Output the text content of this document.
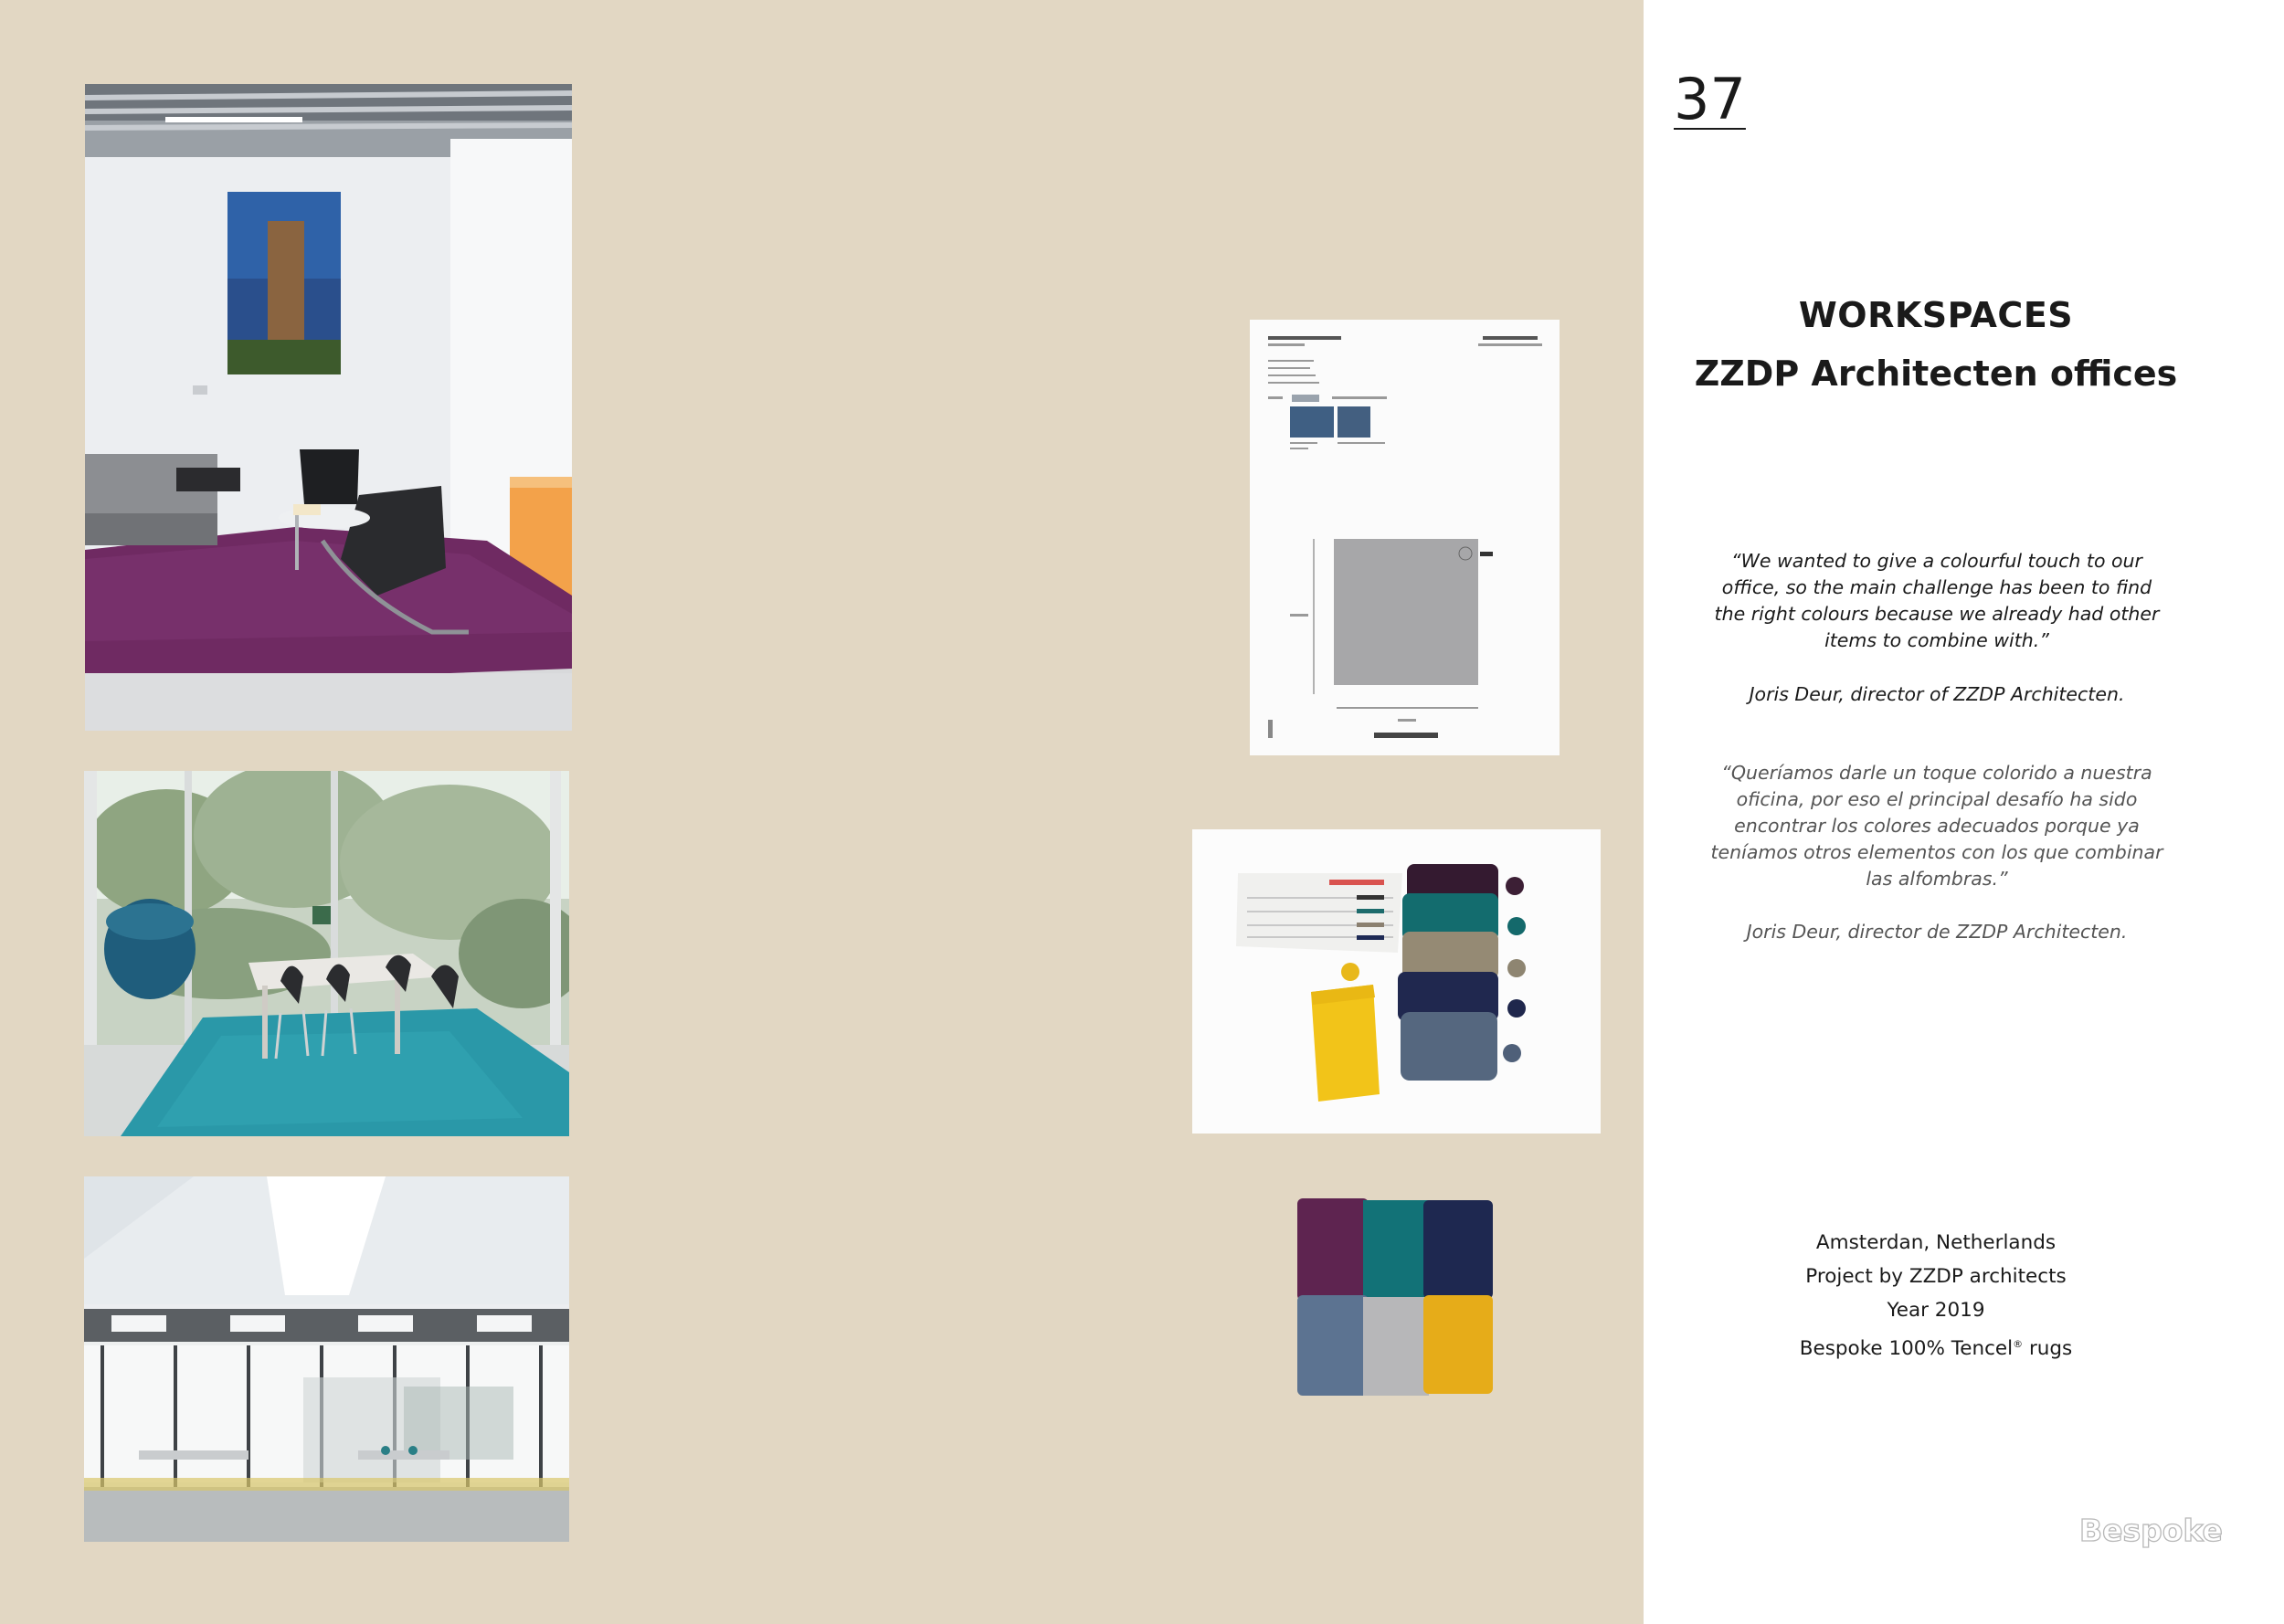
37
WORKSPACES
ZZDP Architecten offices

“We wanted to give a colourful touch to our office, so the main challenge has been to find the right colours because we already had other items to combine with.”

Joris Deur, director of ZZDP Architecten.

“Queríamos darle un toque colorido a nuestra oficina, por eso el principal desafío ha sido encontrar los colores adecuados porque ya teníamos otros elementos con los que combinar las alfombras.”

Joris Deur, director de ZZDP Architecten.

Amsterdan, Netherlands
Project by ZZDP architects
Year 2019
Bespoke 100% Tencel® rugs
Bespoke
